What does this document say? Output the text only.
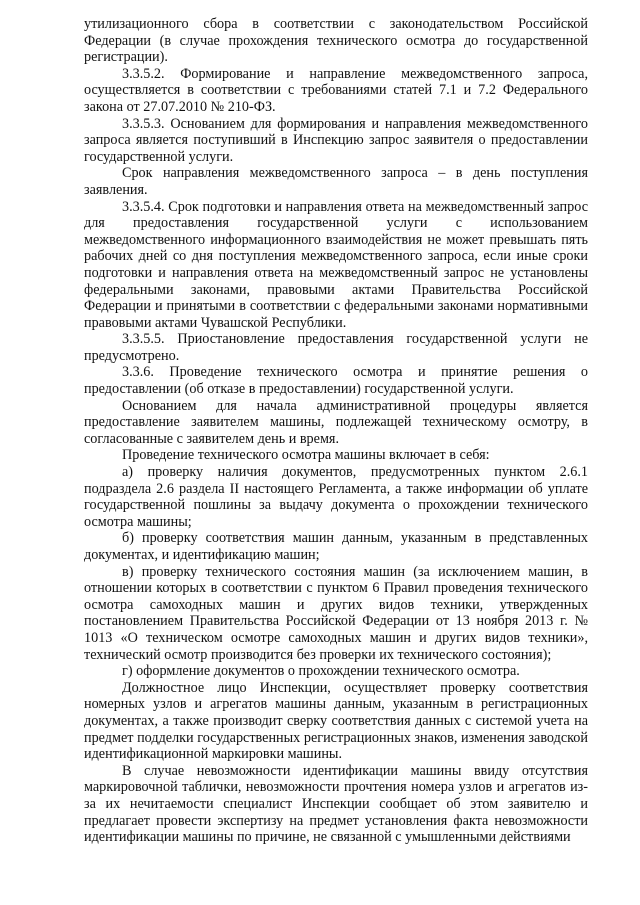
утилизационного сбора в соответствии с законодательством Российской Федерации (в случае прохождения технического осмотра до государственной регистрации).

3.3.5.2. Формирование и направление межведомственного запроса, осуществляется в соответствии с требованиями статей 7.1 и 7.2 Федерального закона от 27.07.2010 № 210-ФЗ.

3.3.5.3. Основанием для формирования и направления межведомственного запроса является поступивший в Инспекцию запрос заявителя о предоставлении государственной услуги.

Срок направления межведомственного запроса – в день поступления заявления.

3.3.5.4. Срок подготовки и направления ответа на межведомственный запрос для предоставления государственной услуги с использованием межведомственного информационного взаимодействия не может превышать пять рабочих дней со дня поступления межведомственного запроса, если иные сроки подготовки и направления ответа на межведомственный запрос не установлены федеральными законами, правовыми актами Правительства Российской Федерации и принятыми в соответствии с федеральными законами нормативными правовыми актами Чувашской Республики.

3.3.5.5. Приостановление предоставления государственной услуги не предусмотрено.

3.3.6. Проведение технического осмотра и принятие решения о предоставлении (об отказе в предоставлении) государственной услуги.

Основанием для начала административной процедуры является предоставление заявителем машины, подлежащей техническому осмотру, в согласованные с заявителем день и время.

Проведение технического осмотра машины включает в себя:

а) проверку наличия документов, предусмотренных пунктом 2.6.1 подраздела 2.6 раздела II настоящего Регламента, а также информации об уплате государственной пошлины за выдачу документа о прохождении технического осмотра машины;

б) проверку соответствия машин данным, указанным в представленных документах, и идентификацию машин;

в) проверку технического состояния машин (за исключением машин, в отношении которых в соответствии с пунктом 6 Правил проведения технического осмотра самоходных машин и других видов техники, утвержденных постановлением Правительства Российской Федерации от 13 ноября 2013 г. № 1013 «О техническом осмотре самоходных машин и других видов техники», технический осмотр производится без проверки их технического состояния);

г) оформление документов о прохождении технического осмотра.

Должностное лицо Инспекции, осуществляет проверку соответствия номерных узлов и агрегатов машины данным, указанным в регистрационных документах, а также производит сверку соответствия данных с системой учета на предмет подделки государственных регистрационных знаков, изменения заводской идентификационной маркировки машины.

В случае невозможности идентификации машины ввиду отсутствия маркировочной таблички, невозможности прочтения номера узлов и агрегатов из-за их нечитаемости специалист Инспекции сообщает об этом заявителю и предлагает провести экспертизу на предмет установления факта невозможности идентификации машины по причине, не связанной с умышленными действиями
